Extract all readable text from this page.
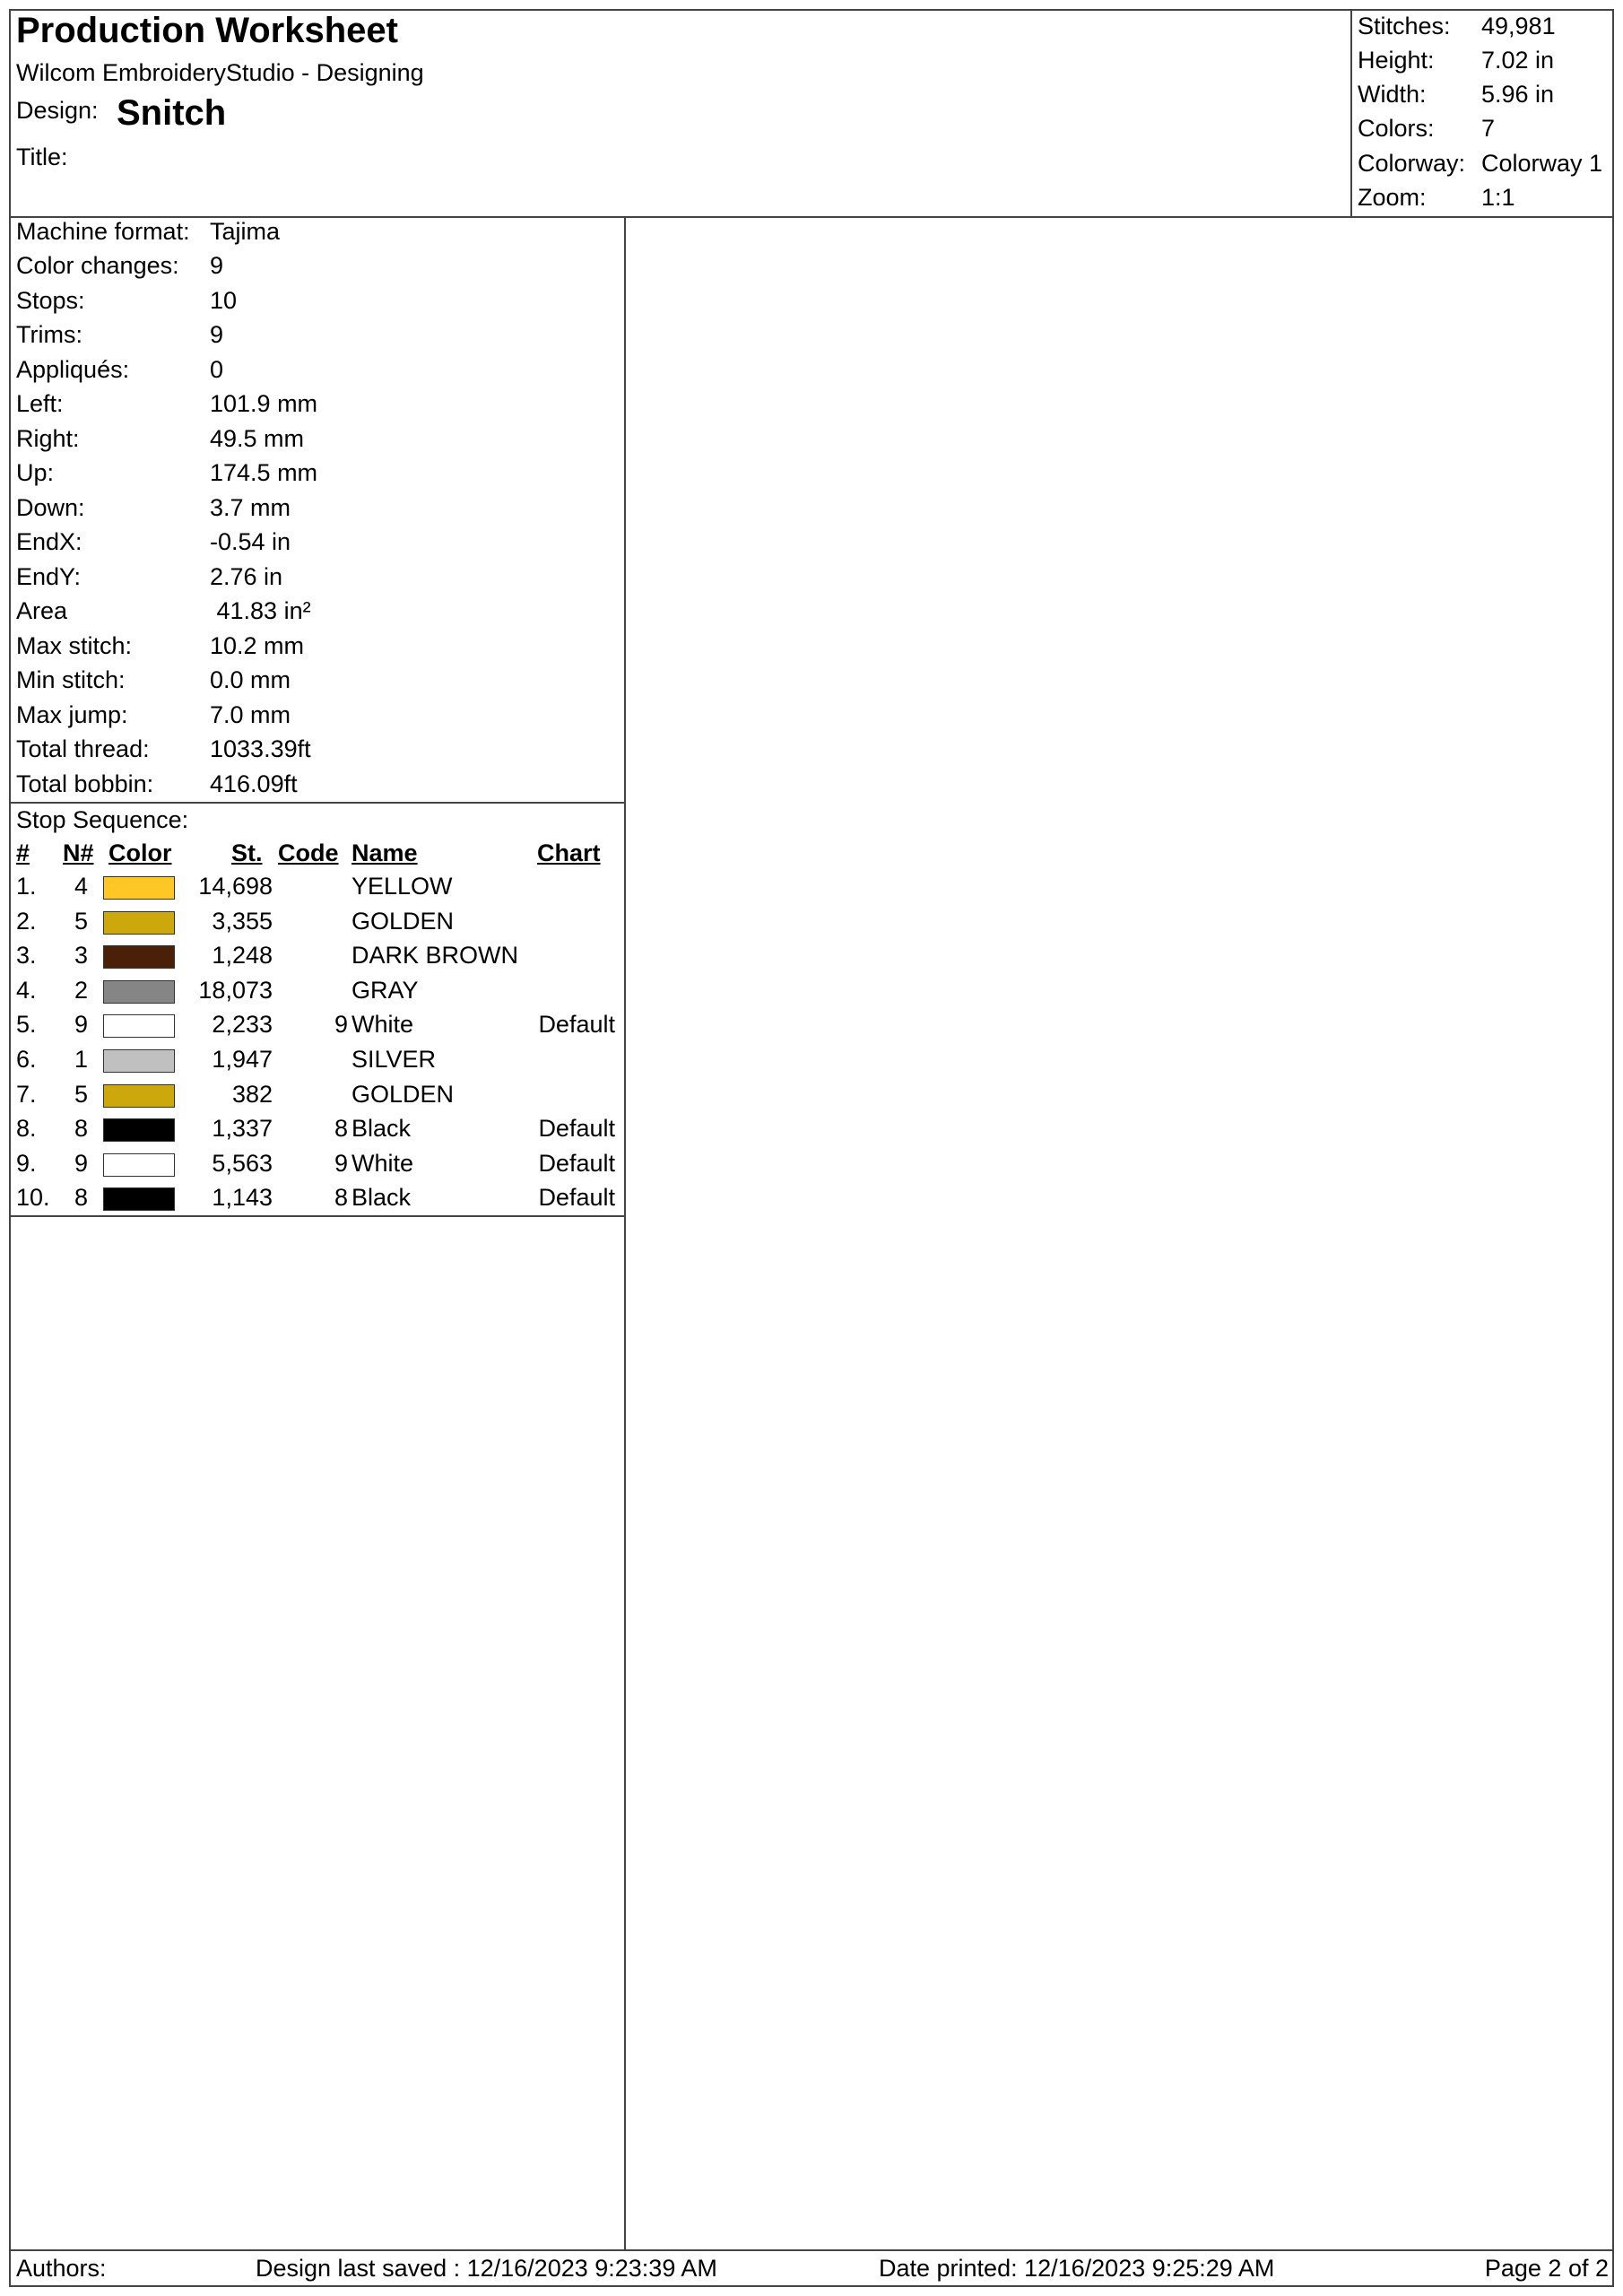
Production Worksheet
Wilcom EmbroideryStudio - Designing
Design: Snitch
Title:
Stitches: 49,981
Height: 7.02 in
Width: 5.96 in
Colors: 7
Colorway: Colorway 1
Zoom: 1:1
Machine format: Tajima
Color changes: 9
Stops:	10
Trims:	9
Appliqués:	0
Left:	101.9 mm
Right:	49.5 mm
Up:	174.5 mm
Down:	3.7 mm
EndX:	-0.54 in
EndY:	2.76 in
Area	41.83 in²
Max stitch:	10.2 mm
Min stitch:	0.0 mm
Max jump:	7.0 mm
Total thread: 1033.39ft
Total bobbin: 416.09ft
Stop Sequence:
# N# Color St. Code Name	Chart
1.	4	14,698	YELLOW
2.	5	3,355	GOLDEN
3.	3	1,248	DARK BROWN
4.	2	18,073	GRAY
5.	9	2,233	9 White	Default
6.	1	1,947	SILVER
7.	5	382	GOLDEN
8.	8	1,337	8 Black	Default
9.	9	5,563	9 White	Default
10.	8	1,143	8 Black	Default
Authors:	Design last saved : 12/16/2023 9:23:39 AM	Date printed: 12/16/2023 9:25:29 AM	Page 2 of 2
